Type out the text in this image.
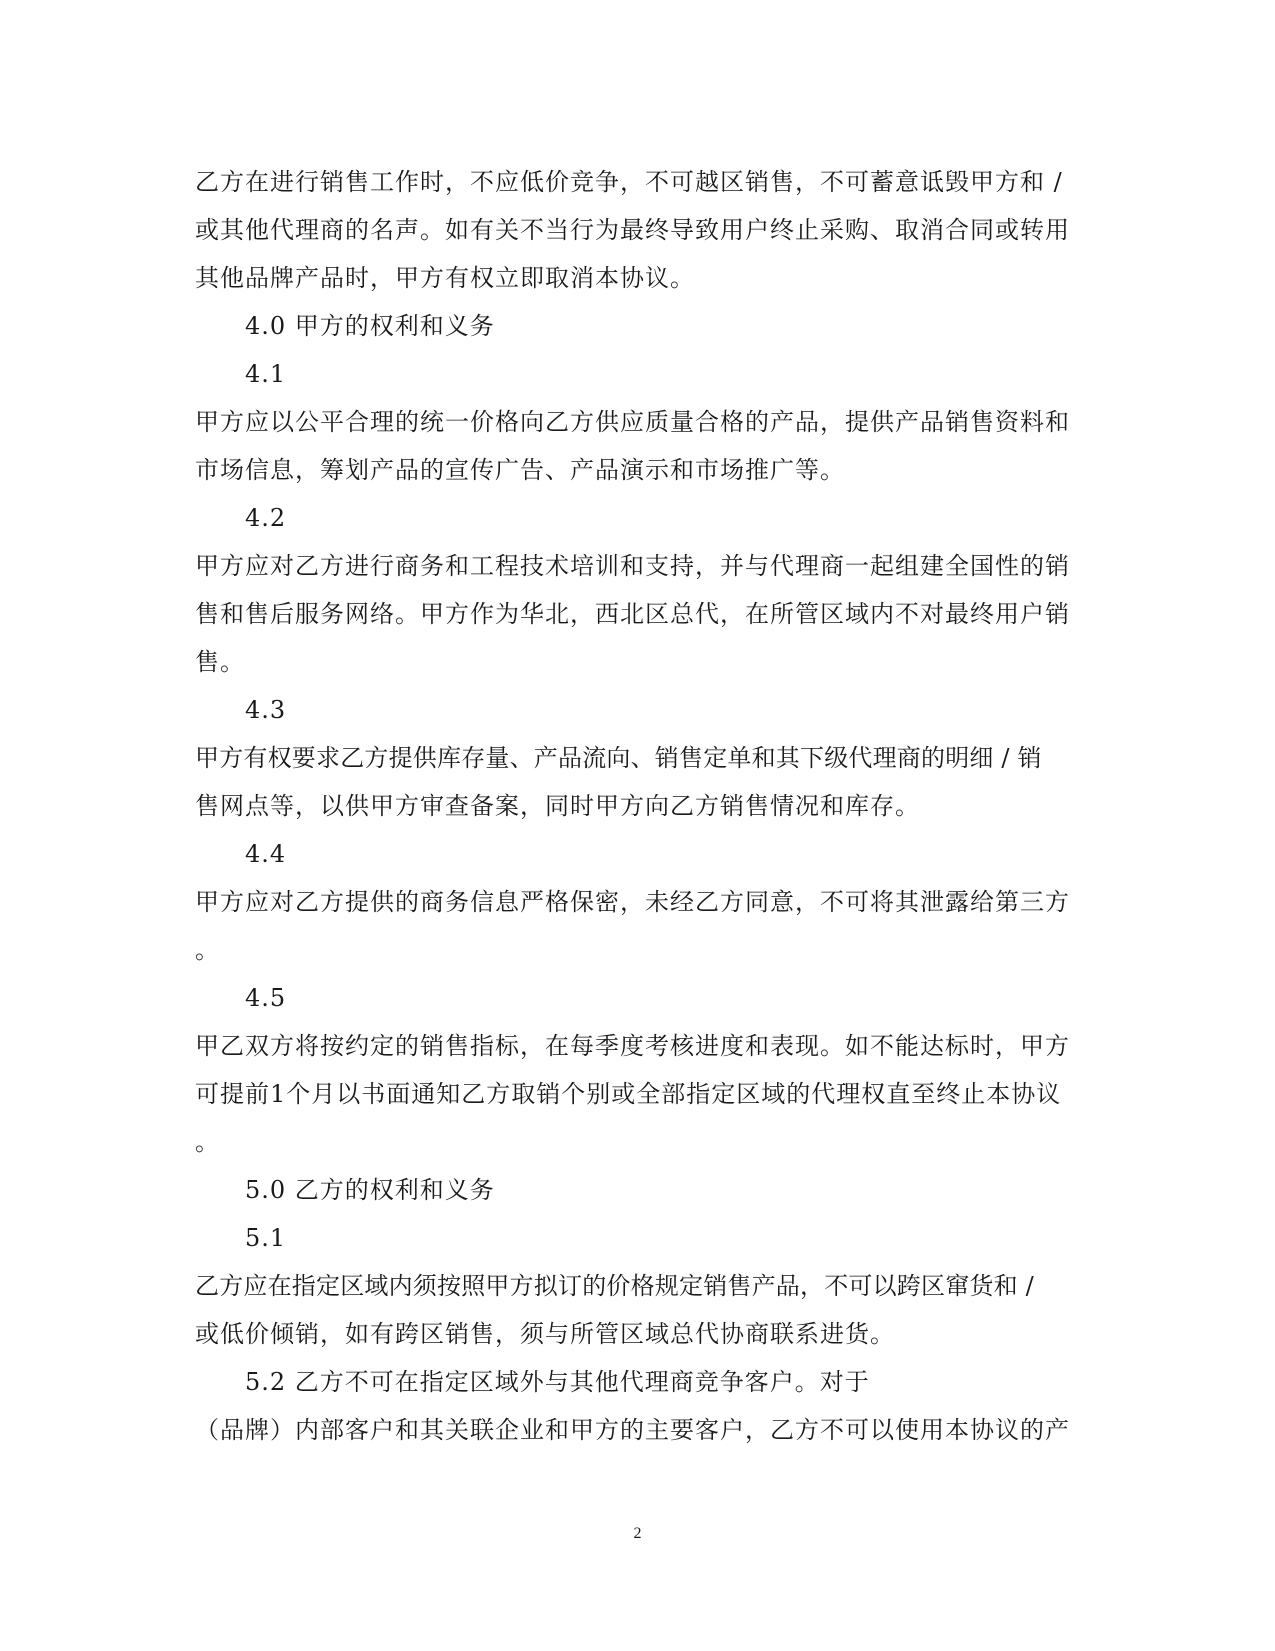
乙方在进行销售工作时，不应低价竞争，不可越区销售，不可蓄意诋毁甲方和 /
或其他代理商的名声。如有关不当行为最终导致用户终止采购、取消合同或转用
其他品牌产品时，甲方有权立即取消本协议。
4.0 甲方的权利和义务
4.1
甲方应以公平合理的统一价格向乙方供应质量合格的产品，提供产品销售资料和
市场信息，筹划产品的宣传广告、产品演示和市场推广等。
4.2
甲方应对乙方进行商务和工程技术培训和支持，并与代理商一起组建全国性的销
售和售后服务网络。甲方作为华北，西北区总代，在所管区域内不对最终用户销
售。
4.3
甲方有权要求乙方提供库存量、产品流向、销售定单和其下级代理商的明细 / 销
售网点等，以供甲方审查备案，同时甲方向乙方销售情况和库存。
4.4
甲方应对乙方提供的商务信息严格保密，未经乙方同意，不可将其泄露给第三方
。
4.5
甲乙双方将按约定的销售指标，在每季度考核进度和表现。如不能达标时，甲方
可提前1个月以书面通知乙方取销个别或全部指定区域的代理权直至终止本协议
。
5.0 乙方的权利和义务
5.1
乙方应在指定区域内须按照甲方拟订的价格规定销售产品，不可以跨区窜货和 /
或低价倾销，如有跨区销售，须与所管区域总代协商联系进货。
5.2 乙方不可在指定区域外与其他代理商竞争客户。对于
（品牌）内部客户和其关联企业和甲方的主要客户，乙方不可以使用本协议的产
2
